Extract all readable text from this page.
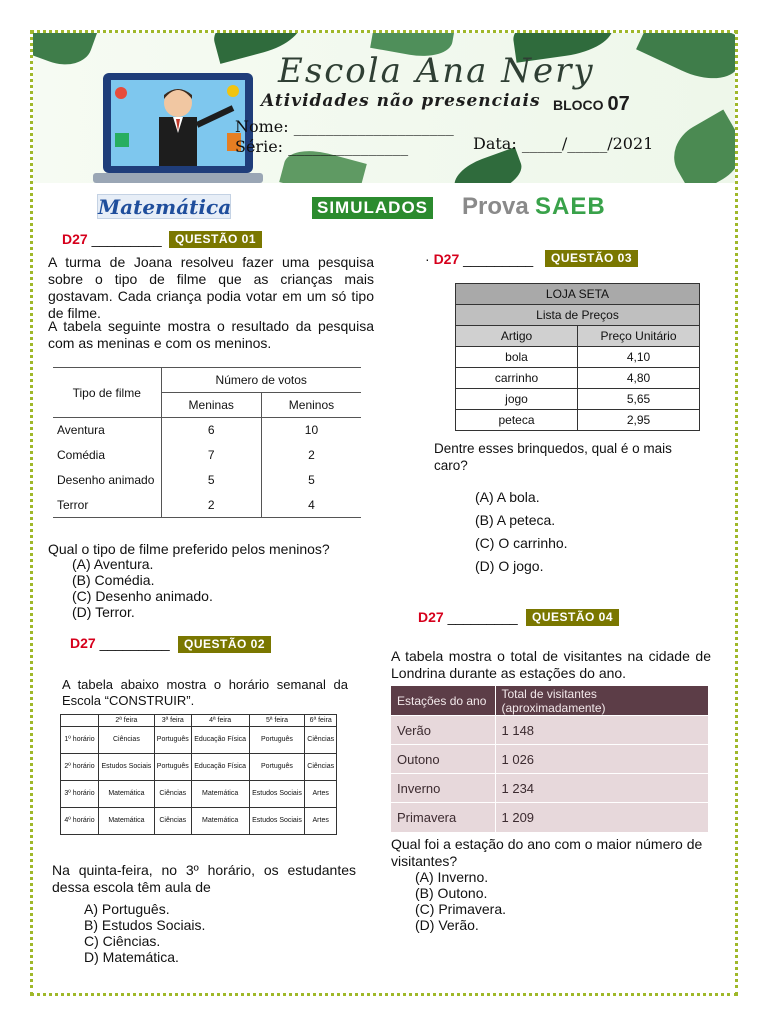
Escola Ana Nery
Atividades não presenciais BLOCO 07
Nome: ____________________
Série: _______________	Data: _____/_____/2021
Matemática	SIMULADOS Prova SAEB
D27 _________	QUESTÃO 01
A turma de Joana resolveu fazer uma pesquisa sobre o tipo de filme que as crianças mais gostavam. Cada criança podia votar em um só tipo de filme.
A tabela seguinte mostra o resultado da pesquisa com as meninas e com os meninos.
Tipo de filme	Número de votos	
	Meninas	Meninos
Aventura	6	10
Comédia	7	2
Desenho animado	5	5
Terror	2	4
Qual o tipo de filme preferido pelos meninos?
(A) Aventura.
(B) Comédia.
(C) Desenho animado.
(D) Terror.
D27 _________	QUESTÃO 02
A tabela abaixo mostra o horário semanal da Escola “CONSTRUIR”.
	2ª feira	3ª feira	4ª feira	5ª feira	6ª feira
1º horário	Ciências	Português	Educação Física	Português	Ciências
2º horário	Estudos Sociais	Português	Educação Física	Português	Ciências
3º horário	Matemática	Ciências	Matemática	Estudos Sociais	Artes
4º horário	Matemática	Ciências	Matemática	Estudos Sociais	Artes
Na quinta-feira, no 3º horário, os estudantes dessa escola têm aula de
A) Português.
B) Estudos Sociais.
C) Ciências.
D) Matemática.
· D27 _________	QUESTÃO 03
LOJA SETA	
Lista de Preços	
Artigo	Preço Unitário
bola	4,10
carrinho	4,80
jogo	5,65
peteca	2,95
Dentre esses brinquedos, qual é o mais caro?
(A) A bola.
(B) A peteca.
(C) O carrinho.
(D) O jogo.
D27 _________	QUESTÃO 04
A tabela mostra o total de visitantes na cidade de Londrina durante as estações do ano.
Estações do ano	Total de visitantes (aproximadamente)
Verão	1 148
Outono	1 026
Inverno	1 234
Primavera	1 209
Qual foi a estação do ano com o maior número de visitantes?
(A) Inverno.
(B) Outono.
(C) Primavera.
(D) Verão.
